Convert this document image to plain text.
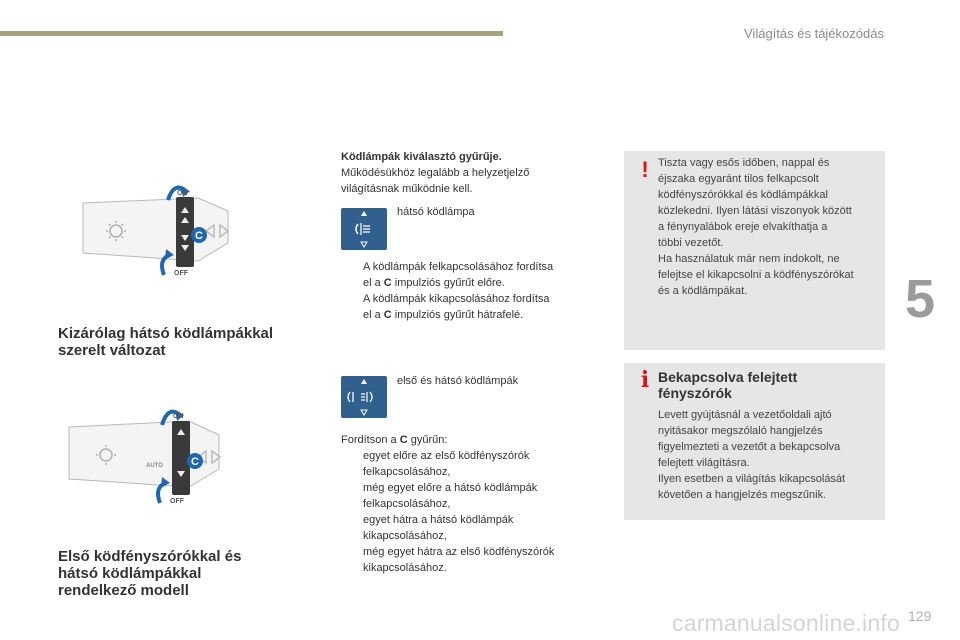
Világítás és tájékozódás
C
ON
OFF
Kizárólag hátsó ködlámpákkal
szerelt változat
C
ON
AUTO
OFF
Első ködfényszórókkal és
hátsó ködlámpákkal
rendelkező modell
Ködlámpák kiválasztó gyűrűje.
Működésükhöz legalább a helyzetjelző
világításnak működnie kell.
hátsó ködlámpa
A ködlámpák felkapcsolásához fordítsa
el a C impulziós gyűrűt előre.
A ködlámpák kikapcsolásához fordítsa
el a C impulziós gyűrűt hátrafelé.
első és hátsó ködlámpák
Fordítson a C gyűrűn:
egyet előre az első ködfényszórók
felkapcsolásához,
még egyet előre a hátsó ködlámpák
felkapcsolásához,
egyet hátra a hátsó ködlámpák
kikapcsolásához,
még egyet hátra az első ködfényszórók
kikapcsolásához.
! Tiszta vagy esős időben, nappal és
éjszaka egyaránt tilos felkapcsolt
ködfényszórókkal és ködlámpákkal
közlekedni. Ilyen látási viszonyok között
a fénynyalábok ereje elvakíthatja a
többi vezetőt.
Ha használatuk már nem indokolt, ne
felejtse el kikapcsolni a ködfényszórókat
és a ködlámpákat.
i Bekapcsolva felejtett
fényszórók
Levett gyújtásnál a vezetőoldali ajtó
nyitásakor megszólaló hangjelzés
figyelmezteti a vezetőt a bekapcsolva
felejtett világításra.
Ilyen esetben a világítás kikapcsolását
követően a hangjelzés megszűnik.
5
carmanualsonline.info 129
